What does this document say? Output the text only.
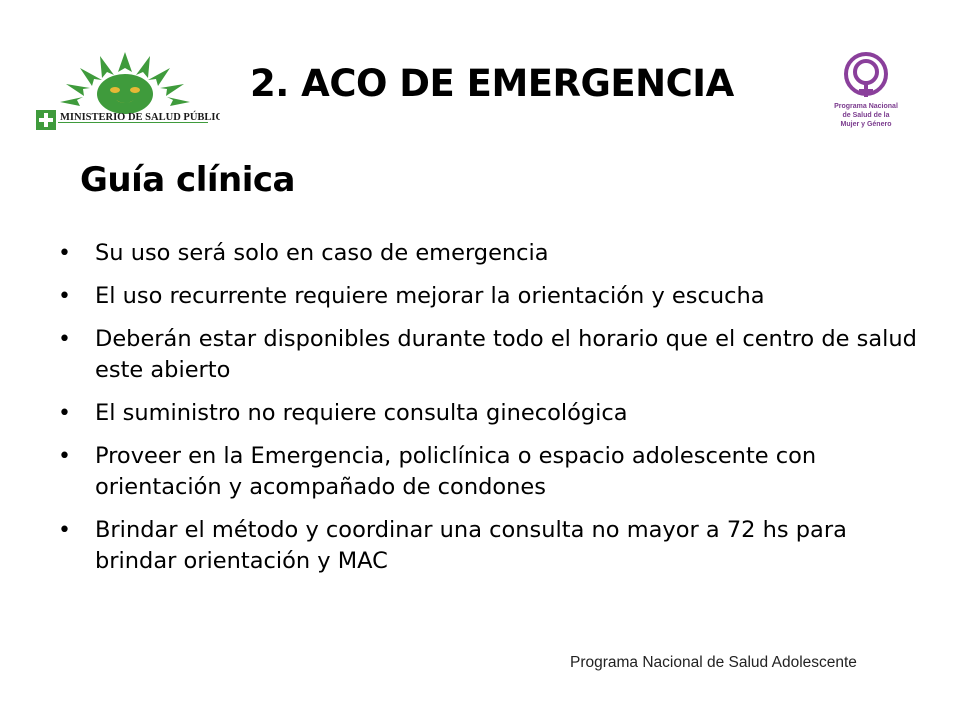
MINISTERIO DE SALUD PÚBLICA
Programa Nacional
de Salud de la
Mujer y Género
2. ACO DE EMERGENCIA
Guía clínica
• Su uso será solo en caso de emergencia
• El uso recurrente requiere mejorar la orientación y escucha
• Deberán estar disponibles durante todo el horario que el centro de salud este abierto
• El suministro no requiere consulta ginecológica
• Proveer en la Emergencia, policlínica o espacio adolescente con orientación y acompañado de condones
• Brindar el método y coordinar una consulta no mayor a 72 hs para brindar orientación y MAC
Programa Nacional de Salud Adolescente
